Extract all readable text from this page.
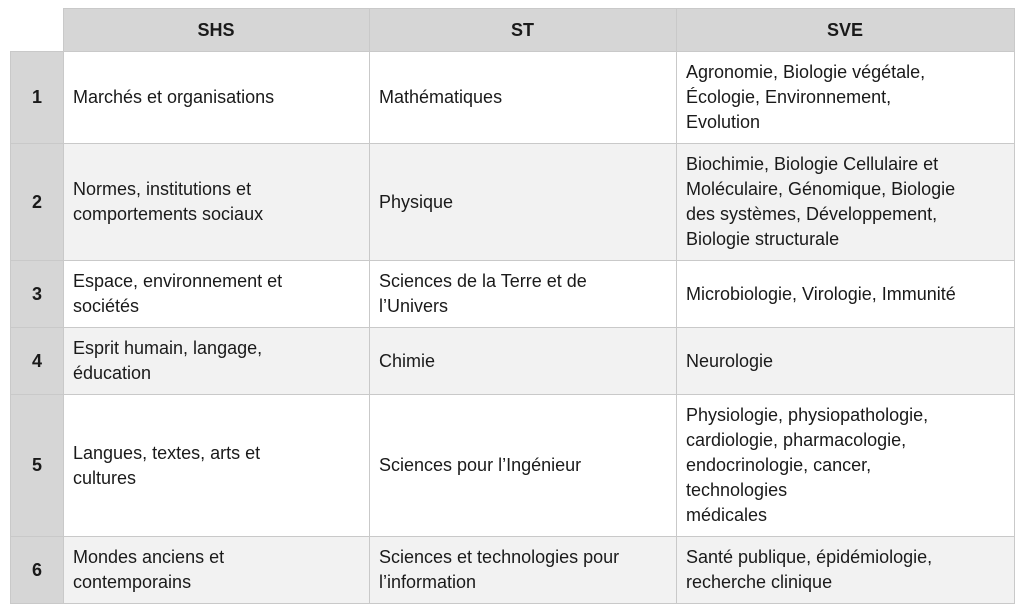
	SHS	ST	SVE
1	Marchés et organisations	Mathématiques	Agronomie, Biologie végétale,
Écologie, Environnement,
Evolution
2	Normes, institutions et
comportements sociaux	Physique	Biochimie, Biologie Cellulaire et
Moléculaire, Génomique, Biologie
des systèmes, Développement,
Biologie structurale
3	Espace, environnement et
sociétés	Sciences de la Terre et de
l’Univers	Microbiologie, Virologie, Immunité
4	Esprit humain, langage,
éducation	Chimie	Neurologie
5	Langues, textes, arts et
cultures	Sciences pour l’Ingénieur	Physiologie, physiopathologie,
cardiologie, pharmacologie,
endocrinologie, cancer,
technologies
médicales
6	Mondes anciens et
contemporains	Sciences et technologies pour
l’information	Santé publique, épidémiologie,
recherche clinique
